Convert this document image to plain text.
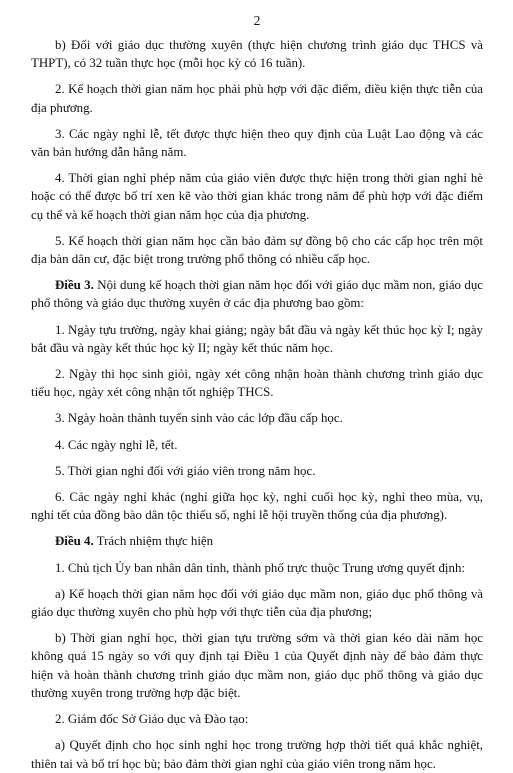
2

b) Đối với giáo dục thường xuyên (thực hiện chương trình giáo dục THCS và THPT), có 32 tuần thực học (mỗi học kỳ có 16 tuần).

2. Kế hoạch thời gian năm học phải phù hợp với đặc điểm, điều kiện thực tiễn của địa phương.

3. Các ngày nghỉ lễ, tết được thực hiện theo quy định của Luật Lao động và các văn bản hướng dẫn hằng năm.

4. Thời gian nghỉ phép năm của giáo viên được thực hiện trong thời gian nghỉ hè hoặc có thể được bố trí xen kẽ vào thời gian khác trong năm để phù hợp với đặc điểm cụ thể và kế hoạch thời gian năm học của địa phương.

5. Kế hoạch thời gian năm học cần bảo đảm sự đồng bộ cho các cấp học trên một địa bàn dân cư, đặc biệt trong trường phổ thông có nhiều cấp học.

Điều 3. Nội dung kế hoạch thời gian năm học đối với giáo dục mầm non, giáo dục phổ thông và giáo dục thường xuyên ở các địa phương bao gồm:

1. Ngày tựu trường, ngày khai giảng; ngày bắt đầu và ngày kết thúc học kỳ I; ngày bắt đầu và ngày kết thúc học kỳ II; ngày kết thúc năm học.

2. Ngày thi học sinh giỏi, ngày xét công nhận hoàn thành chương trình giáo dục tiểu học, ngày xét công nhận tốt nghiệp THCS.

3. Ngày hoàn thành tuyển sinh vào các lớp đầu cấp học.

4. Các ngày nghỉ lễ, tết.

5. Thời gian nghỉ đối với giáo viên trong năm học.

6. Các ngày nghỉ khác (nghỉ giữa học kỳ, nghỉ cuối học kỳ, nghỉ theo mùa, vụ, nghỉ tết của đồng bào dân tộc thiểu số, nghỉ lễ hội truyền thống của địa phương).

Điều 4. Trách nhiệm thực hiện

1. Chủ tịch Ủy ban nhân dân tỉnh, thành phố trực thuộc Trung ương quyết định:

a) Kế hoạch thời gian năm học đối với giáo dục mầm non, giáo dục phổ thông và giáo dục thường xuyên cho phù hợp với thực tiễn của địa phương;

b) Thời gian nghỉ học, thời gian tựu trường sớm và thời gian kéo dài năm học không quá 15 ngày so với quy định tại Điều 1 của Quyết định này để bảo đảm thực hiện và hoàn thành chương trình giáo dục mầm non, giáo dục phổ thông và giáo dục thường xuyên trong trường hợp đặc biệt.

2. Giám đốc Sở Giáo dục và Đào tạo:

a) Quyết định cho học sinh nghỉ học trong trường hợp thời tiết quá khắc nghiệt, thiên tai và bố trí học bù; bảo đảm thời gian nghỉ của giáo viên trong năm học.
